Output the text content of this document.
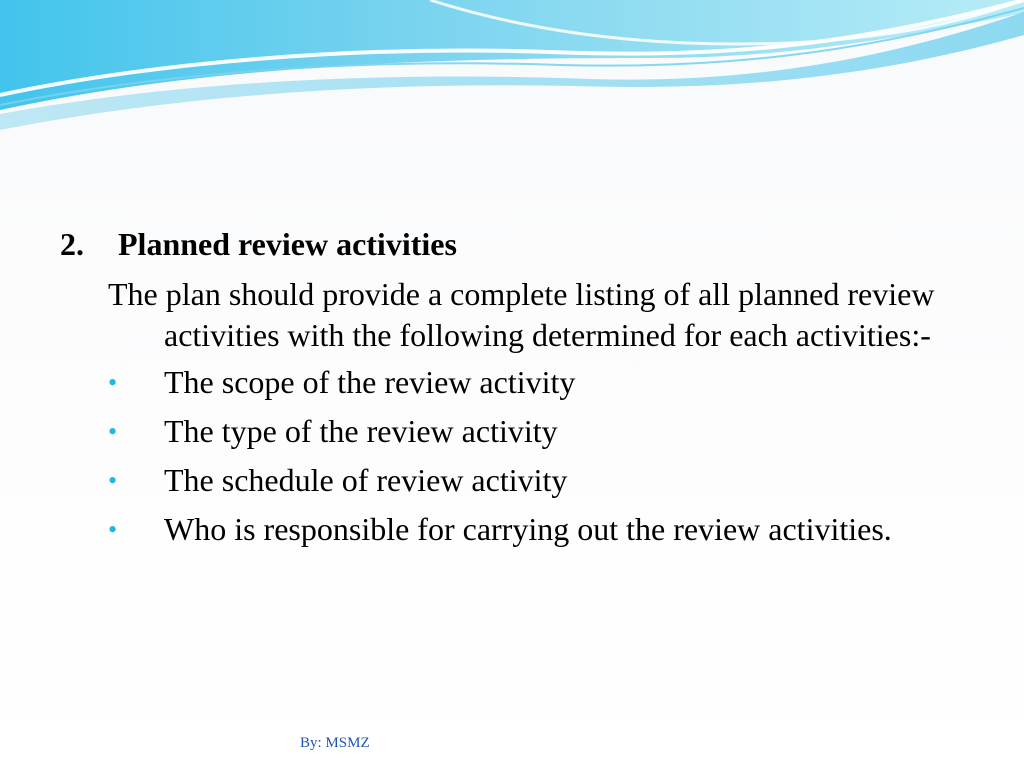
2.	Planned review activities

The plan should provide a complete listing of all planned review activities with the following determined for each activities:-

•	The scope of the review activity
•	The type of the review activity
•	The schedule of review activity
•	Who is responsible for carrying out the review activities.
By: MSMZ
